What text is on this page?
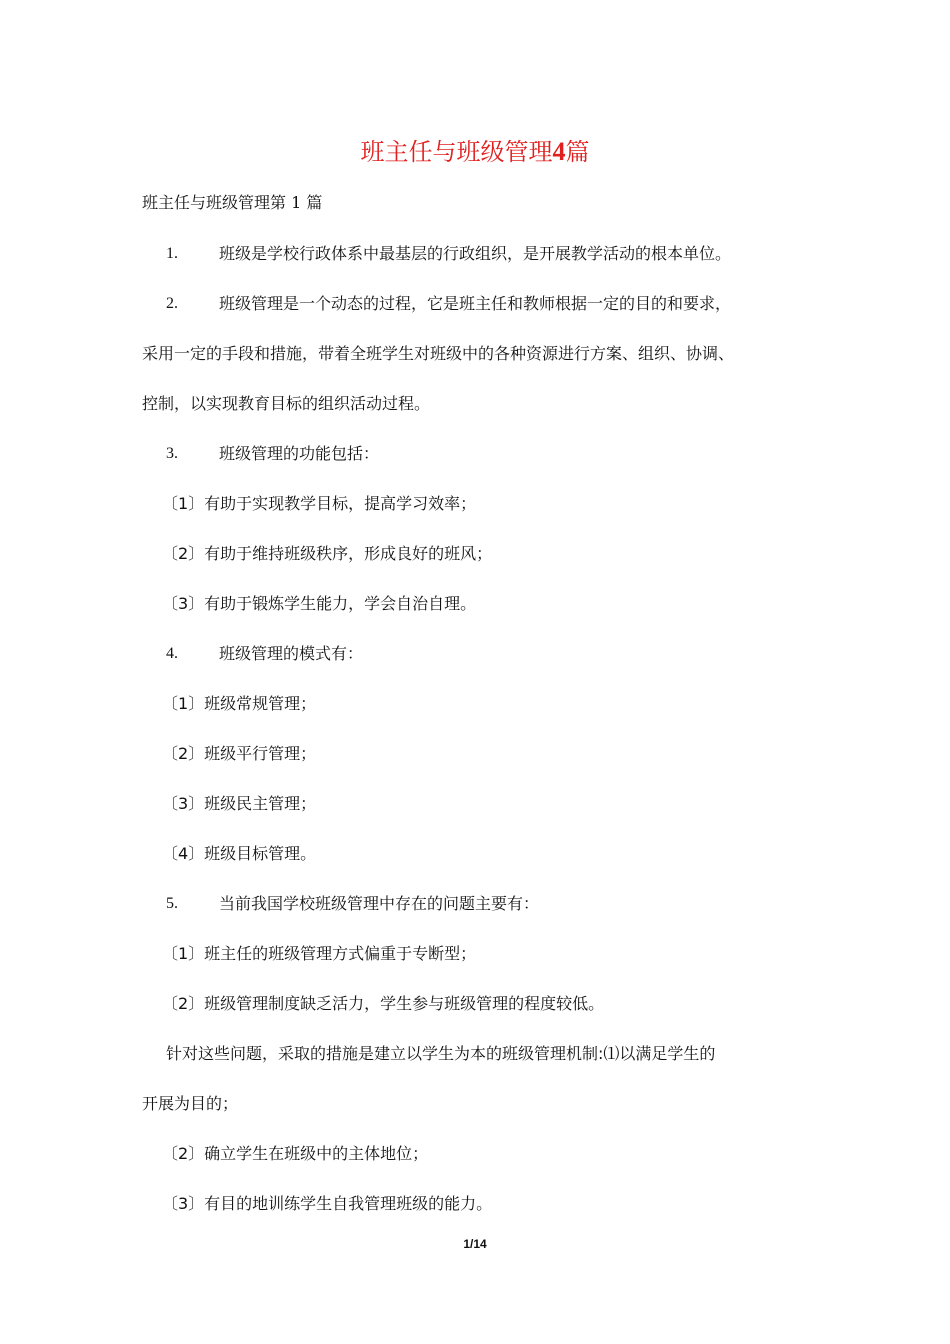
班主任与班级管理4篇
班主任与班级管理第 1 篇
1.	班级是学校行政体系中最基层的行政组织，是开展教学活动的根本单位。
2.	班级管理是一个动态的过程，它是班主任和教师根据一定的目的和要求，
采用一定的手段和措施，带着全班学生对班级中的各种资源进行方案、组织、协调、
控制，以实现教育目标的组织活动过程。
3.	班级管理的功能包括：
〔1〕有助于实现教学目标，提高学习效率；
〔2〕有助于维持班级秩序，形成良好的班风；
〔3〕有助于锻炼学生能力，学会自治自理。
4.	班级管理的模式有：
〔1〕班级常规管理；
〔2〕班级平行管理；
〔3〕班级民主管理；
〔4〕班级目标管理。
5.	当前我国学校班级管理中存在的问题主要有：
〔1〕班主任的班级管理方式偏重于专断型；
〔2〕班级管理制度缺乏活力，学生参与班级管理的程度较低。
针对这些问题，采取的措施是建立以学生为本的班级管理机制:⑴以满足学生的
开展为目的；
〔2〕确立学生在班级中的主体地位；
〔3〕有目的地训练学生自我管理班级的能力。
1/14
